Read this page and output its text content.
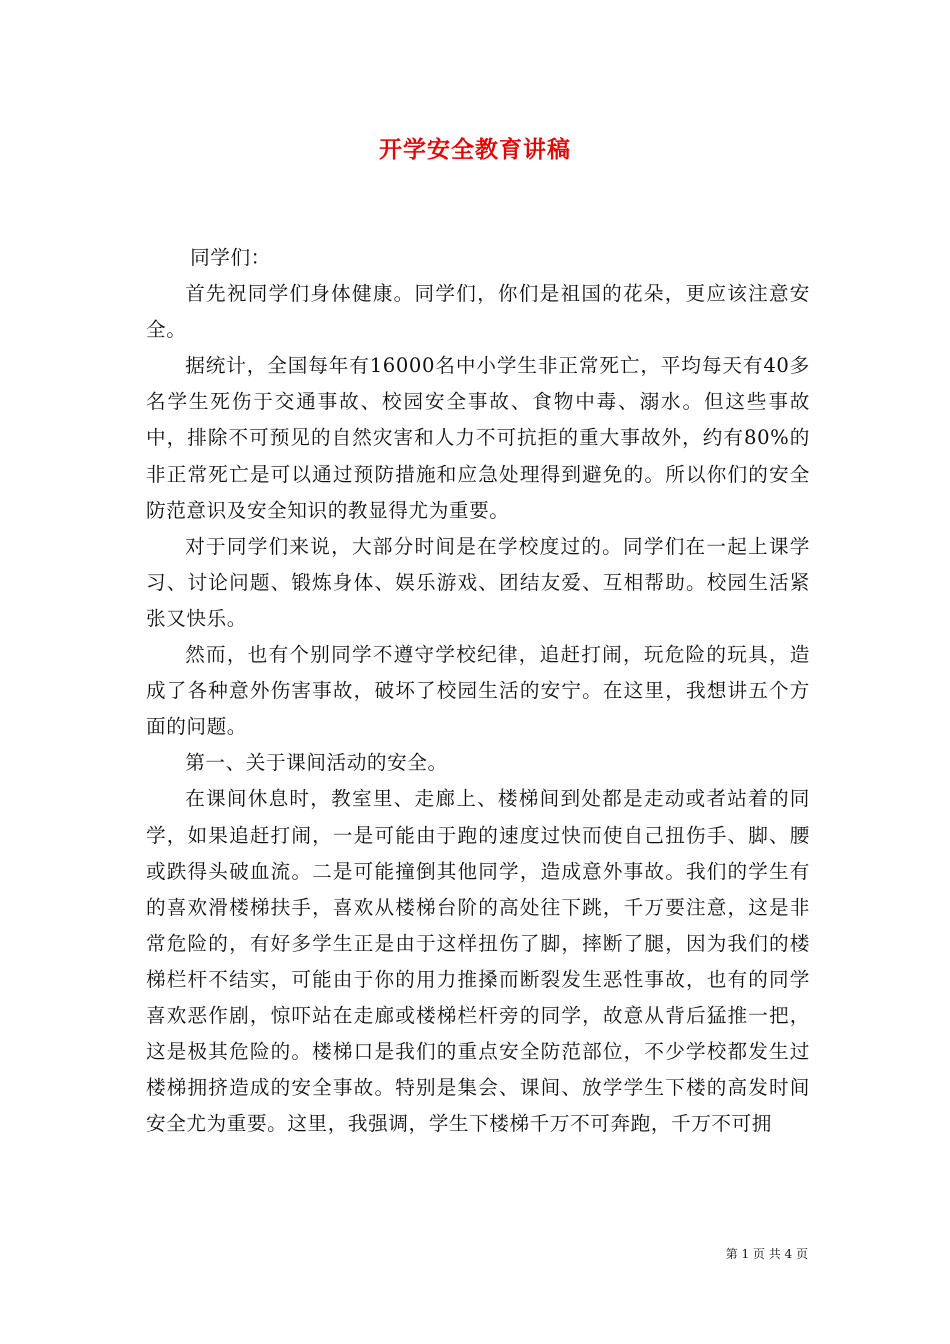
开学安全教育讲稿

同学们：

首先祝同学们身体健康。同学们，你们是祖国的花朵，更应该注意安全。

据统计，全国每年有16000名中小学生非正常死亡，平均每天有40多名学生死伤于交通事故、校园安全事故、食物中毒、溺水。但这些事故中，排除不可预见的自然灾害和人力不可抗拒的重大事故外，约有80%的非正常死亡是可以通过预防措施和应急处理得到避免的。所以你们的安全防范意识及安全知识的教显得尤为重要。

对于同学们来说，大部分时间是在学校度过的。同学们在一起上课学习、讨论问题、锻炼身体、娱乐游戏、团结友爱、互相帮助。校园生活紧张又快乐。

然而，也有个别同学不遵守学校纪律，追赶打闹，玩危险的玩具，造成了各种意外伤害事故，破坏了校园生活的安宁。在这里，我想讲五个方面的问题。

第一、关于课间活动的安全。

在课间休息时，教室里、走廊上、楼梯间到处都是走动或者站着的同学，如果追赶打闹，一是可能由于跑的速度过快而使自己扭伤手、脚、腰或跌得头破血流。二是可能撞倒其他同学，造成意外事故。我们的学生有的喜欢滑楼梯扶手，喜欢从楼梯台阶的高处往下跳，千万要注意，这是非常危险的，有好多学生正是由于这样扭伤了脚，摔断了腿，因为我们的楼梯栏杆不结实，可能由于你的用力推搡而断裂发生恶性事故，也有的同学喜欢恶作剧，惊吓站在走廊或楼梯栏杆旁的同学，故意从背后猛推一把，这是极其危险的。楼梯口是我们的重点安全防范部位，不少学校都发生过楼梯拥挤造成的安全事故。特别是集会、课间、放学学生下楼的高发时间安全尤为重要。这里，我强调，学生下楼梯千万不可奔跑，千万不可拥

第 1 页 共 4 页
